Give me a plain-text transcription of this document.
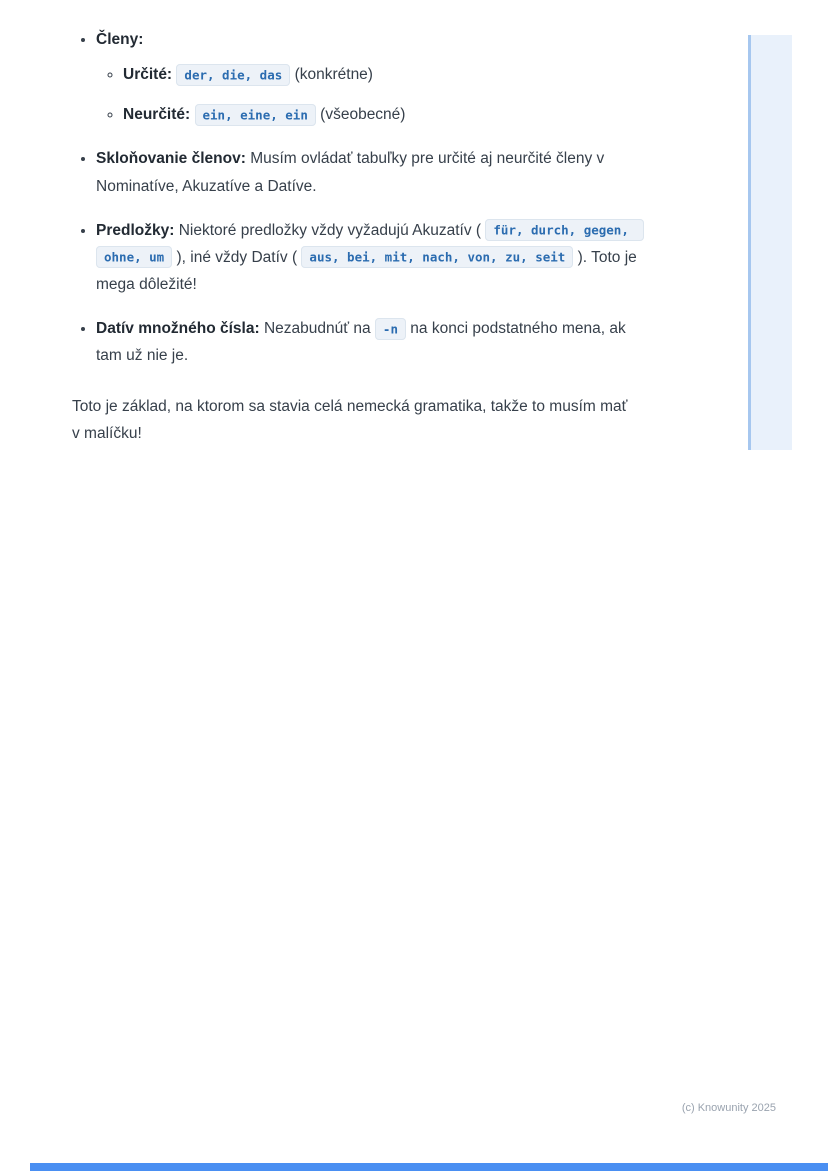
• Členy:
◦ Určité: der, die, das (konkrétne)
◦ Neurčité: ein, eine, ein (všeobecné)
• Skloňovanie členov: Musím ovládať tabuľky pre určité aj neurčité členy v Nominatíve, Akuzatíve a Datíve.
• Predložky: Niektoré predložky vždy vyžadujú Akuzatív ( für, durch, gegen, ohne, um ), iné vždy Datív ( aus, bei, mit, nach, von, zu, seit ). Toto je mega dôležité!
• Datív množného čísla: Nezabudnúť na -n na konci podstatného mena, ak tam už nie je.

Toto je základ, na ktorom sa stavia celá nemecká gramatika, takže to musím mať v malíčku!

(c) Knowunity 2025
